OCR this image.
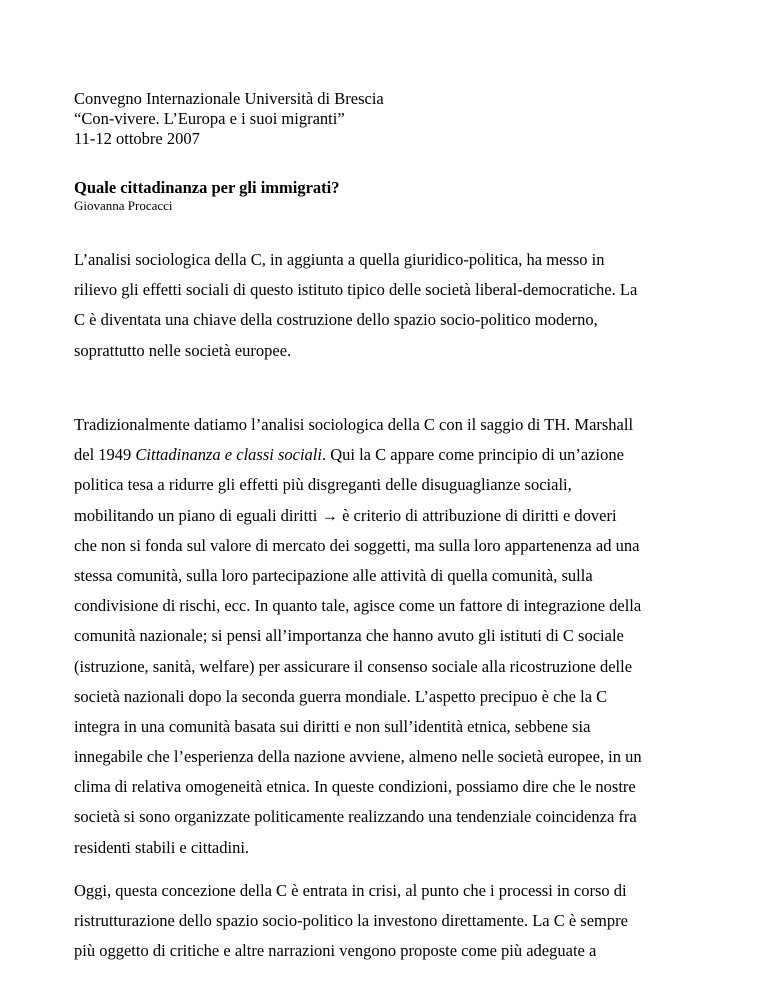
Convegno Internazionale Università di Brescia
“Con-vivere. L’Europa e i suoi migranti”
11-12 ottobre 2007
Quale cittadinanza per gli immigrati?
Giovanna Procacci
L’analisi sociologica della C, in aggiunta a quella giuridico-politica, ha messo in
rilievo gli effetti sociali di questo istituto tipico delle società liberal-democratiche. La
C è diventata una chiave della costruzione dello spazio socio-politico moderno,
soprattutto nelle società europee.
Tradizionalmente datiamo l’analisi sociologica della C con il saggio di TH. Marshall
del 1949 Cittadinanza e classi sociali. Qui la C appare come principio di un’azione
politica tesa a ridurre gli effetti più disgreganti delle disuguaglianze sociali,
mobilitando un piano di eguali diritti → è criterio di attribuzione di diritti e doveri
che non si fonda sul valore di mercato dei soggetti, ma sulla loro appartenenza ad una
stessa comunità, sulla loro partecipazione alle attività di quella comunità, sulla
condivisione di rischi, ecc. In quanto tale, agisce come un fattore di integrazione della
comunità nazionale; si pensi all’importanza che hanno avuto gli istituti di C sociale
(istruzione, sanità, welfare) per assicurare il consenso sociale alla ricostruzione delle
società nazionali dopo la seconda guerra mondiale. L’aspetto precipuo è che la C
integra in una comunità basata sui diritti e non sull’identità etnica, sebbene sia
innegabile che l’esperienza della nazione avviene, almeno nelle società europee, in un
clima di relativa omogeneità etnica. In queste condizioni, possiamo dire che le nostre
società si sono organizzate politicamente realizzando una tendenziale coincidenza fra
residenti stabili e cittadini.
Oggi, questa concezione della C è entrata in crisi, al punto che i processi in corso di
ristrutturazione dello spazio socio-politico la investono direttamente. La C è sempre
più oggetto di critiche e altre narrazioni vengono proposte come più adeguate a
